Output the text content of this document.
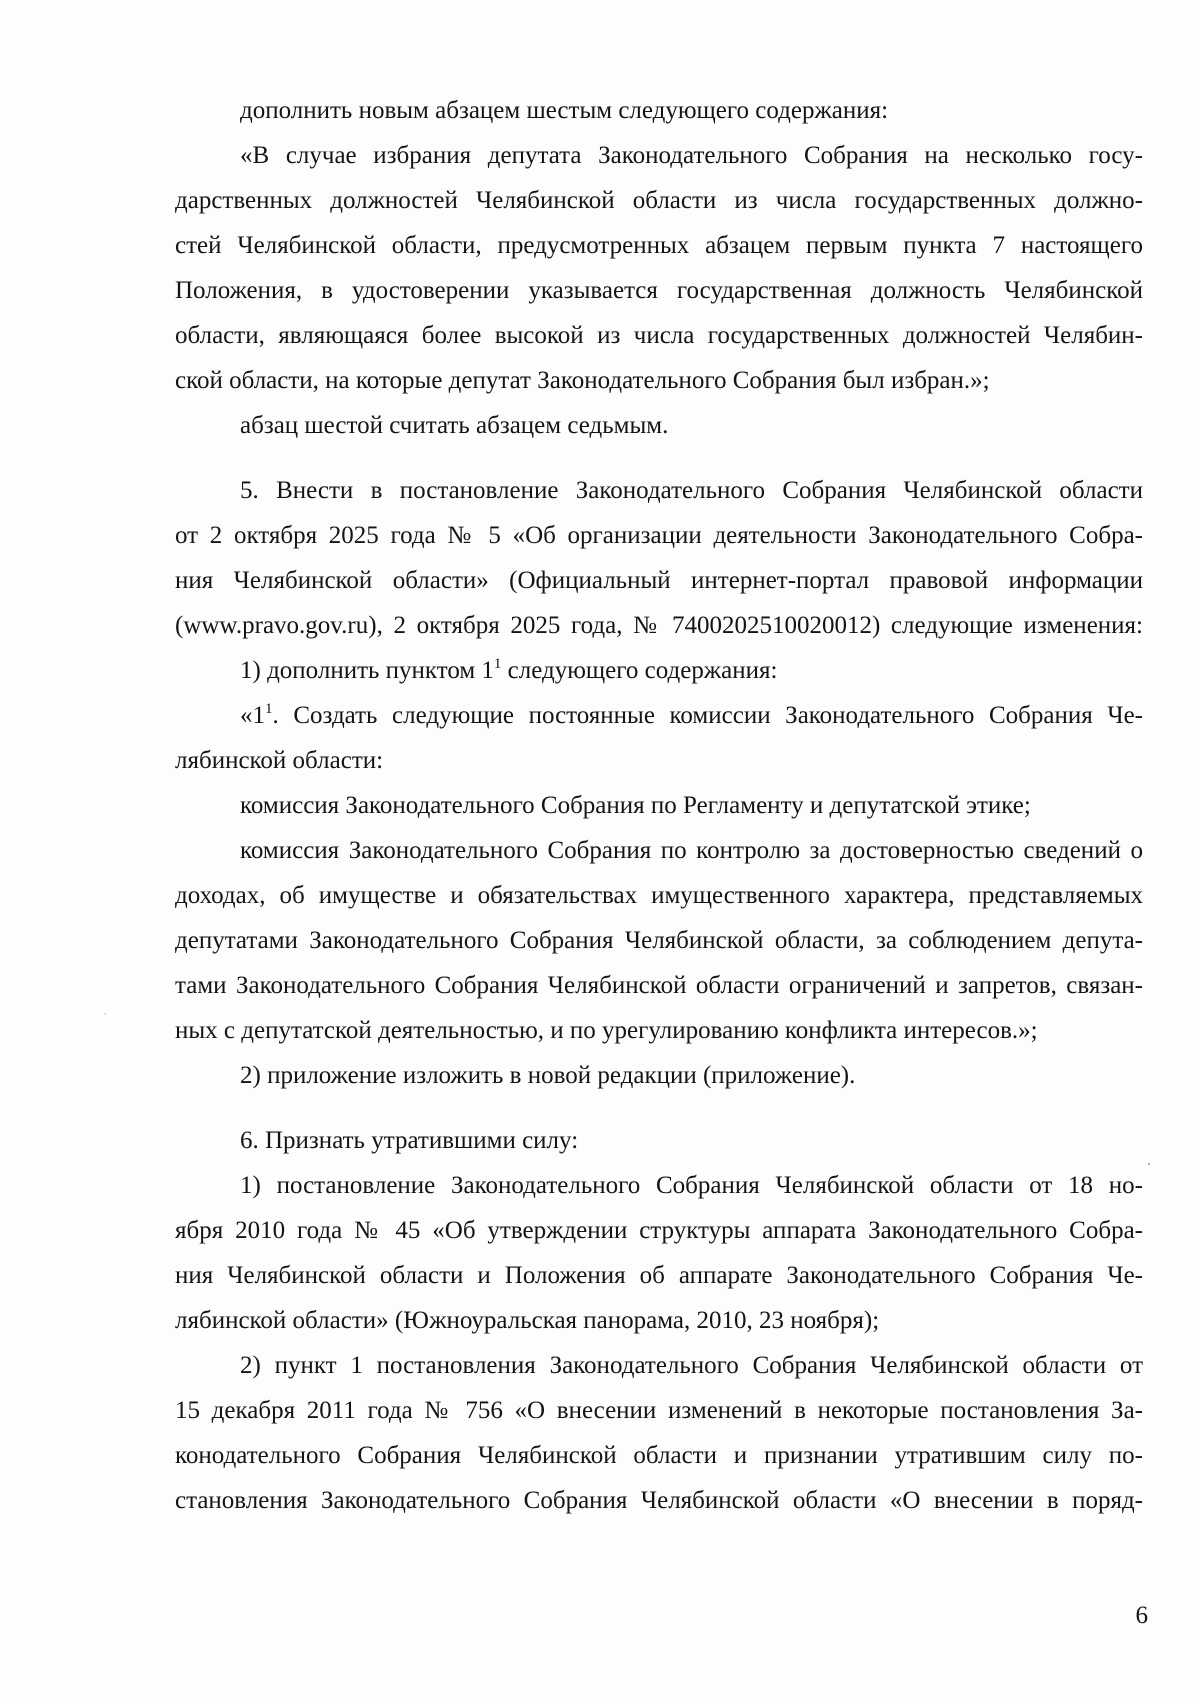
дополнить новым абзацем шестым следующего содержания:
«В случае избрания депутата Законодательного Собрания на несколько госу-
дарственных должностей Челябинской области из числа государственных должно-
стей Челябинской области, предусмотренных абзацем первым пункта 7 настоящего
Положения, в удостоверении указывается государственная должность Челябинской
области, являющаяся более высокой из числа государственных должностей Челябин-
ской области, на которые депутат Законодательного Собрания был избран.»;
абзац шестой считать абзацем седьмым.
5. Внести в постановление Законодательного Собрания Челябинской области
от 2 октября 2025 года № 5 «Об организации деятельности Законодательного Собра-
ния Челябинской области» (Официальный интернет-портал правовой информации
(www.pravo.gov.ru), 2 октября 2025 года, № 7400202510020012) следующие изменения:
1) дополнить пунктом $1^1$ следующего содержания:
«$1^1$. Создать следующие постоянные комиссии Законодательного Собрания Че-
лябинской области:
комиссия Законодательного Собрания по Регламенту и депутатской этике;
комиссия Законодательного Собрания по контролю за достоверностью сведений о
доходах, об имуществе и обязательствах имущественного характера, представляемых
депутатами Законодательного Собрания Челябинской области, за соблюдением депута-
тами Законодательного Собрания Челябинской области ограничений и запретов, связан-
ных с депутатской деятельностью, и по урегулированию конфликта интересов.»;
2) приложение изложить в новой редакции (приложение).
6. Признать утратившими силу:
1) постановление Законодательного Собрания Челябинской области от 18 но-
ября 2010 года № 45 «Об утверждении структуры аппарата Законодательного Собра-
ния Челябинской области и Положения об аппарате Законодательного Собрания Че-
лябинской области» (Южноуральская панорама, 2010, 23 ноября);
2) пункт 1 постановления Законодательного Собрания Челябинской области от
15 декабря 2011 года № 756 «О внесении изменений в некоторые постановления За-
конодательного Собрания Челябинской области и признании утратившим силу по-
становления Законодательного Собрания Челябинской области «О внесении в поряд-
6
